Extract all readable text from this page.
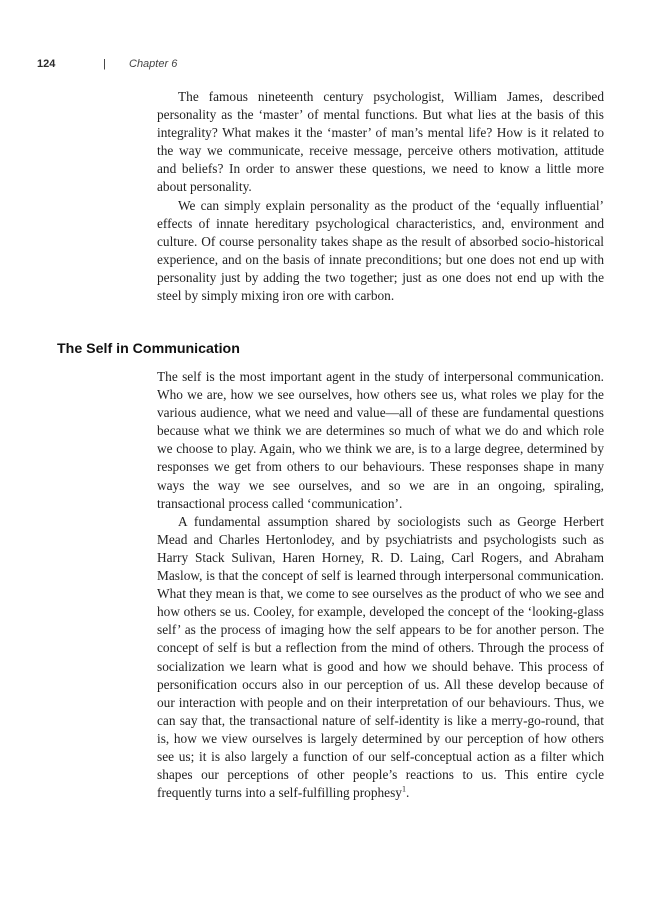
124	|	Chapter 6

The famous nineteenth century psychologist, William James, described personality as the ‘master’ of mental functions. But what lies at the basis of this integrality? What makes it the ‘master’ of man’s mental life? How is it related to the way we communicate, receive message, perceive others motivation, attitude and beliefs? In order to answer these questions, we need to know a little more about personality.

We can simply explain personality as the product of the ‘equally influential’ effects of innate hereditary psychological characteristics, and, environment and culture. Of course personality takes shape as the result of absorbed socio-historical experience, and on the basis of innate preconditions; but one does not end up with personality just by adding the two together; just as one does not end up with the steel by simply mixing iron ore with carbon.

The Self in Communication

The self is the most important agent in the study of interpersonal communication. Who we are, how we see ourselves, how others see us, what roles we play for the various audience, what we need and value—all of these are fundamental questions because what we think we are determines so much of what we do and which role we choose to play. Again, who we think we are, is to a large degree, determined by responses we get from others to our behaviours. These responses shape in many ways the way we see ourselves, and so we are in an ongoing, spiraling, transactional process called ‘communication’.

A fundamental assumption shared by sociologists such as George Herbert Mead and Charles Hertonlodey, and by psychiatrists and psychologists such as Harry Stack Sulivan, Haren Horney, R. D. Laing, Carl Rogers, and Abraham Maslow, is that the concept of self is learned through interpersonal communication. What they mean is that, we come to see ourselves as the product of who we see and how others se us. Cooley, for example, developed the concept of the ‘looking-glass self’ as the process of imaging how the self appears to be for another person. The concept of self is but a reflection from the mind of others. Through the process of socialization we learn what is good and how we should behave. This process of personification occurs also in our perception of us. All these develop because of our interaction with people and on their interpretation of our behaviours. Thus, we can say that, the transactional nature of self-identity is like a merry-go-round, that is, how we view ourselves is largely determined by our perception of how others see us; it is also largely a function of our self-conceptual action as a filter which shapes our perceptions of other people’s reactions to us. This entire cycle frequently turns into a self-fulfilling prophesy$^1$.
